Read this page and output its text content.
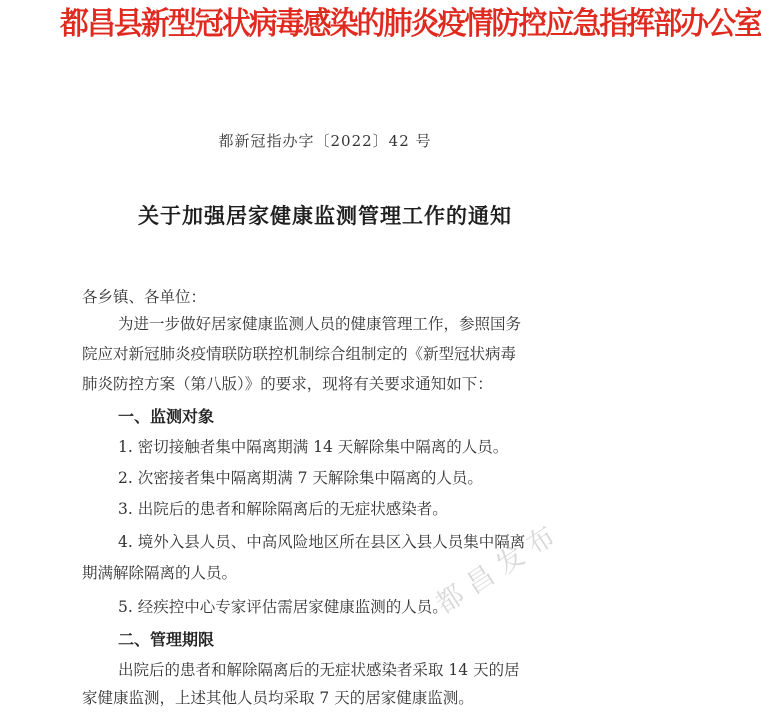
都昌县新型冠状病毒感染的肺炎疫情防控应急指挥部办公室
都新冠指办字〔2022〕42 号
关于加强居家健康监测管理工作的通知
各乡镇、各单位：
为进一步做好居家健康监测人员的健康管理工作，参照国务
院应对新冠肺炎疫情联防联控机制综合组制定的《新型冠状病毒
肺炎防控方案（第八版）》的要求，现将有关要求通知如下：
一、监测对象
1. 密切接触者集中隔离期满 14 天解除集中隔离的人员。
2. 次密接者集中隔离期满 7 天解除集中隔离的人员。
3. 出院后的患者和解除隔离后的无症状感染者。
4. 境外入县人员、中高风险地区所在县区入县人员集中隔离
期满解除隔离的人员。
5. 经疾控中心专家评估需居家健康监测的人员。
二、管理期限
出院后的患者和解除隔离后的无症状感染者采取 14 天的居
家健康监测，上述其他人员均采取 7 天的居家健康监测。
都昌发布
